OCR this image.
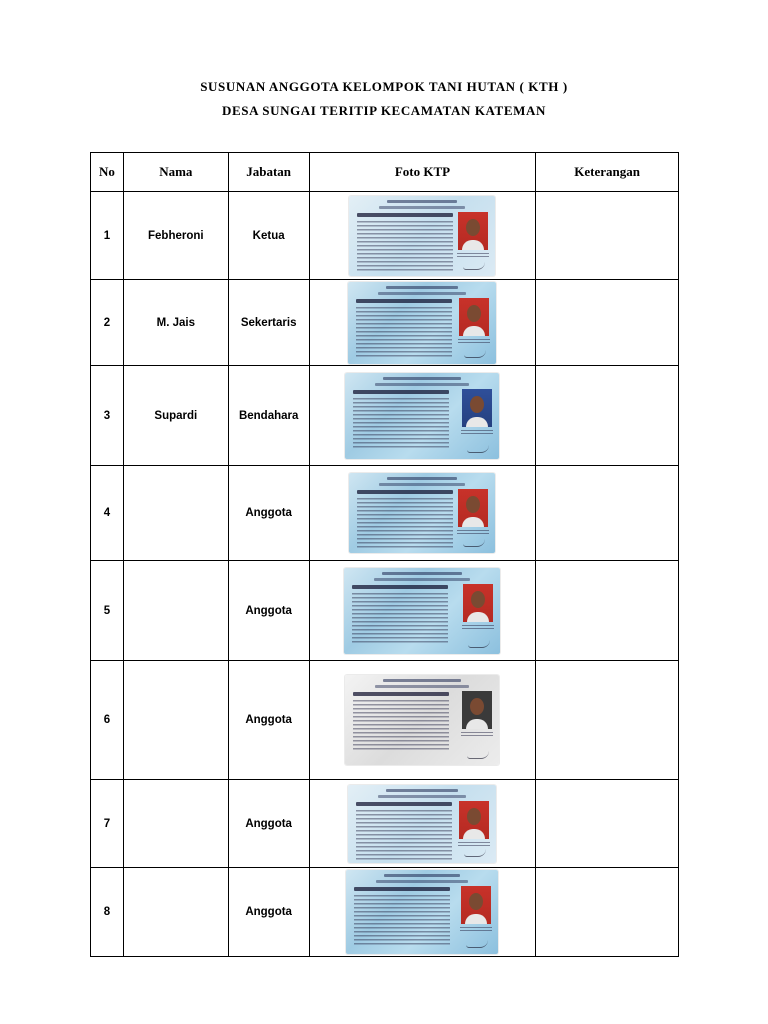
SUSUNAN ANGGOTA KELOMPOK TANI HUTAN ( KTH )
DESA SUNGAI TERITIP KECAMATAN KATEMAN
No	Nama	Jabatan	Foto KTP	Keterangan
1	Febheroni	Ketua	

2	M. Jais	Sekertaris	

3	Supardi	Bendahara	

4		Anggota	

5		Anggota	

6		Anggota	

7		Anggota	

8		Anggota	
